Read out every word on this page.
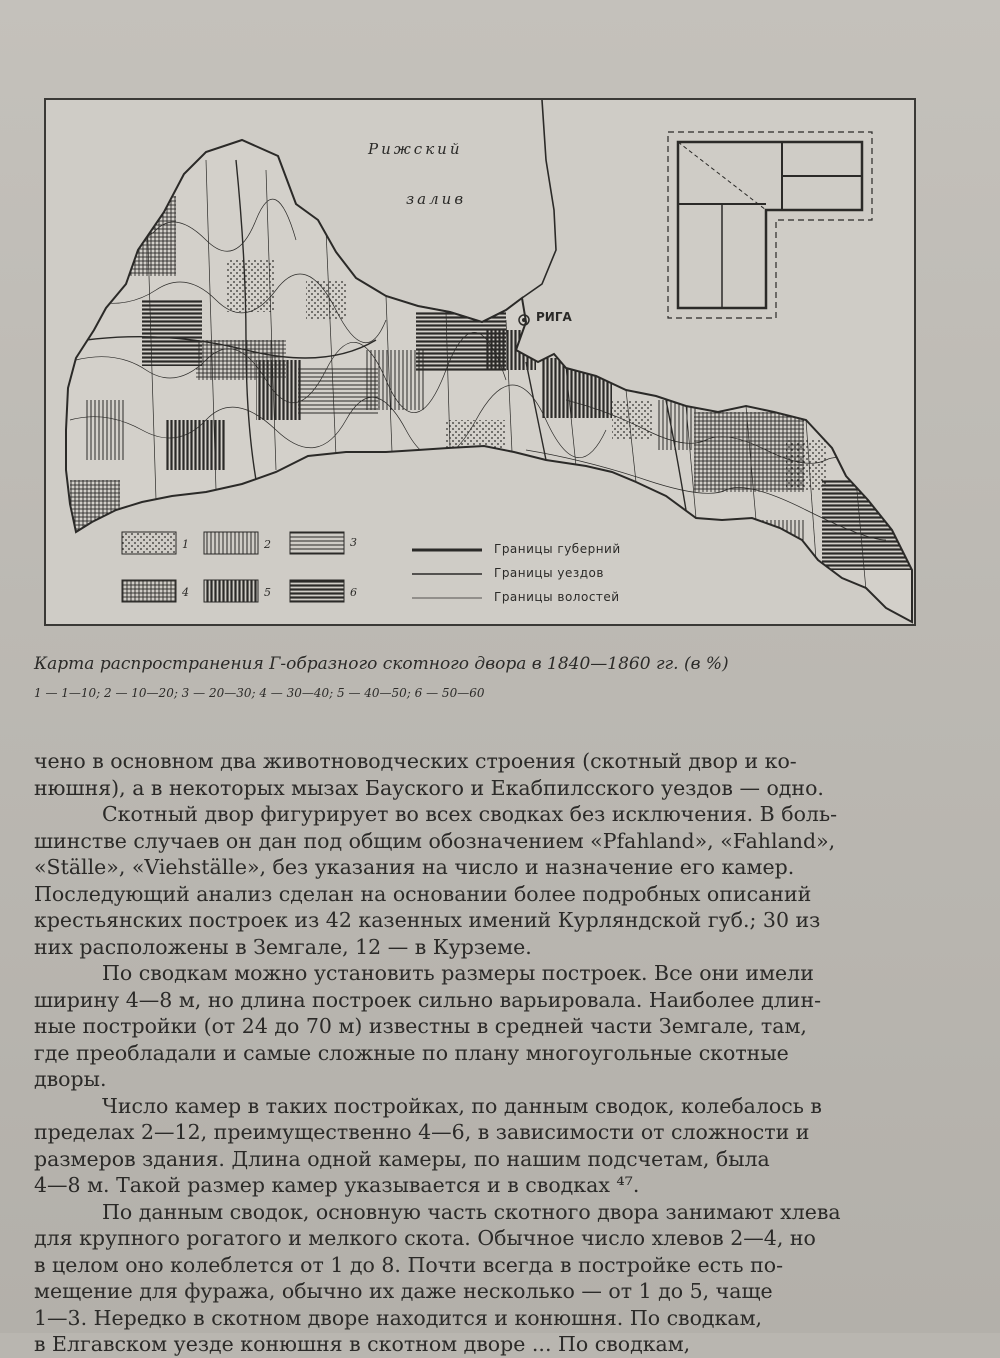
Рижский
залив
РИГА
1	2	3
4	5	6
Границы губерний
Границы уездов
Границы волостей
Карта распространения Г-образного скотного двора в 1840—1860 гг. (в %)
1 — 1—10; 2 — 10—20; 3 — 20—30; 4 — 30—40; 5 — 40—50; 6 — 50—60

чено в основном два животноводческих строения (скотный двор и ко-

нюшня), а в некоторых мызах Бауского и Екабпилсского уездов — одно.

Скотный двор фигурирует во всех сводках без исключения. В боль-

шинстве случаев он дан под общим обозначением «Pfahland», «Fahland»,

«Ställe», «Viehställe», без указания на число и назначение его камер.

Последующий анализ сделан на основании более подробных описаний

крестьянских построек из 42 казенных имений Курляндской губ.; 30 из

них расположены в Земгале, 12 — в Курземе.

По сводкам можно установить размеры построек. Все они имели

ширину 4—8 м, но длина построек сильно варьировала. Наиболее длин-

ные постройки (от 24 до 70 м) известны в средней части Земгале, там,

где преобладали и самые сложные по плану многоугольные скотные

дворы.

Число камер в таких постройках, по данным сводок, колебалось в

пределах 2—12, преимущественно 4—6, в зависимости от сложности и

размеров здания. Длина одной камеры, по нашим подсчетам, была

4—8 м. Такой размер камер указывается и в сводках ⁴⁷.

По данным сводок, основную часть скотного двора занимают хлева

для крупного рогатого и мелкого скота. Обычное число хлевов 2—4, но

в целом оно колеблется от 1 до 8. Почти всегда в постройке есть по-

мещение для фуража, обычно их даже несколько — от 1 до 5, чаще

1—3. Нередко в скотном дворе находится и конюшня. По сводкам,

в Елгавском уезде конюшня в скотном дворе ... По сводкам,
